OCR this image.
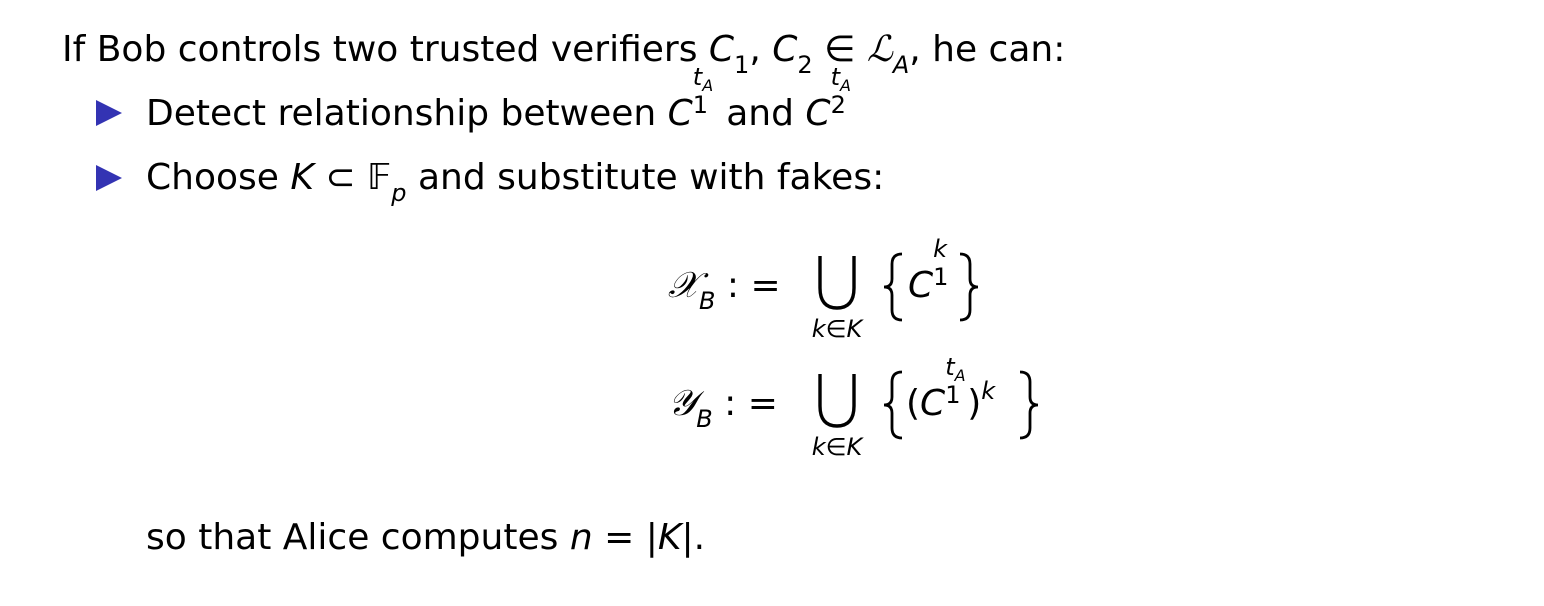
If Bob controls two trusted verifiers $C_1$, $C_2$ ∈ ℒ$_A$, he can:
Detect relationship between C
$t_A$
1 and C
$t_A$
2
Choose K ⊂ 𝔽$_p$ and substitute with fakes:
𝒳$_B$ : =
k∈K
C
k
1
𝒴$_B$ : =
k∈K
(C
$t_A$
1 )$^k$
so that Alice computes n = |K|.
